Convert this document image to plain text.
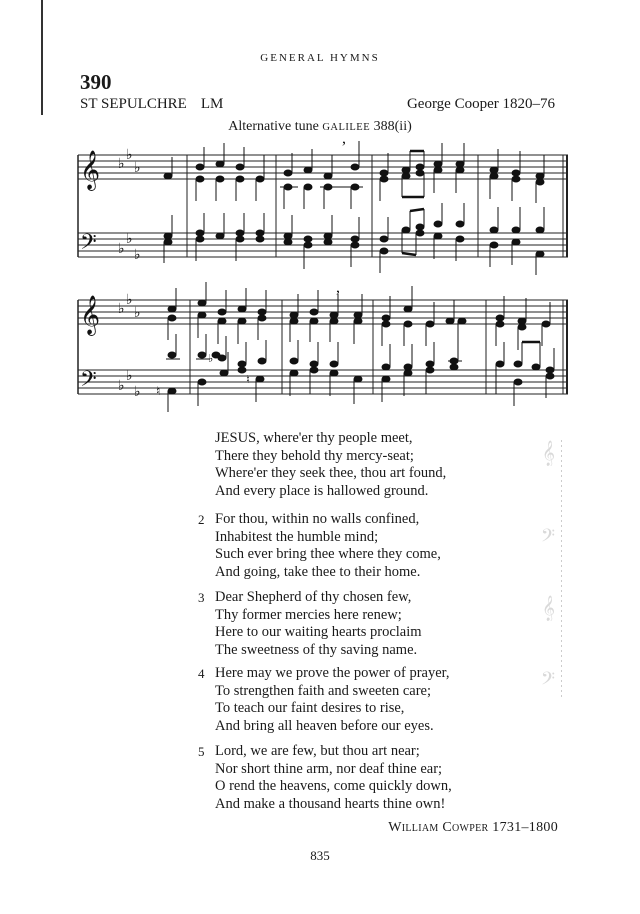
GENERAL HYMNS
390
ST SEPULCHRE LM	George Cooper 1820–76
Alternative tune GALILEE 388(ii)
𝄞
𝄢
♭
♭
♭
♭
♭
♭
,
𝄞
𝄢
♭
♭
♭
♭
♭
♭ ♮
♭
♮
,
JESUS, where'er thy people meet,
There they behold thy mercy-seat;
Where'er they seek thee, thou art found,
And every place is hallowed ground.
2 For thou, within no walls confined,
Inhabitest the humble mind;
Such ever bring thee where they come,
And going, take thee to their home.
3 Dear Shepherd of thy chosen few,
Thy former mercies here renew;
Here to our waiting hearts proclaim
The sweetness of thy saving name.
4 Here may we prove the power of prayer,
To strengthen faith and sweeten care;
To teach our faint desires to rise,
And bring all heaven before our eyes.
5 Lord, we are few, but thou art near;
Nor short thine arm, nor deaf thine ear;
O rend the heavens, come quickly down,
And make a thousand hearts thine own!
William Cowper 1731–1800
835
𝄞
𝄢
𝄞
𝄢
